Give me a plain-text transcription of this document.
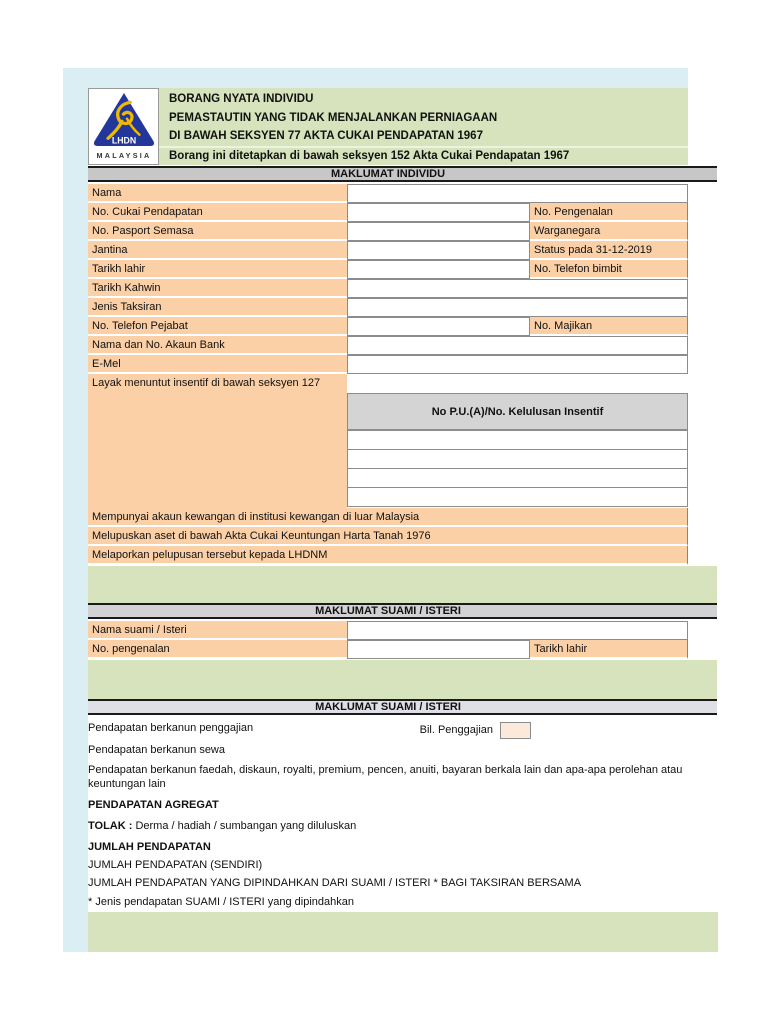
LHDN
MALAYSIA
BORANG NYATA INDIVIDU
PEMASTAUTIN YANG TIDAK MENJALANKAN PERNIAGAAN
DI BAWAH SEKSYEN 77 AKTA CUKAI PENDAPATAN 1967
Borang ini ditetapkan di bawah seksyen 152 Akta Cukai Pendapatan 1967
MAKLUMAT INDIVIDU
Nama
No. Cukai Pendapatan	No. Pengenalan
No. Pasport Semasa	Warganegara
Jantina	Status pada 31-12-2019
Tarikh lahir	No. Telefon bimbit
Tarikh Kahwin
Jenis Taksiran
No. Telefon Pejabat	No. Majikan
Nama dan No. Akaun Bank
E-Mel
Layak menuntut insentif di bawah seksyen 127
No P.U.(A)/No. Kelulusan Insentif
Mempunyai akaun kewangan di institusi kewangan di luar Malaysia
Melupuskan aset di bawah Akta Cukai Keuntungan Harta Tanah 1976
Melaporkan pelupusan tersebut kepada LHDNM
MAKLUMAT SUAMI / ISTERI
Nama suami / Isteri
No. pengenalan	Tarikh lahir
MAKLUMAT SUAMI / ISTERI
Pendapatan berkanun penggajian	Bil. Penggajian
Pendapatan berkanun sewa
Pendapatan berkanun faedah, diskaun, royalti, premium, pencen, anuiti, bayaran berkala lain dan apa-apa perolehan atau keuntungan lain
PENDAPATAN AGREGAT
TOLAK : Derma / hadiah / sumbangan yang diluluskan
JUMLAH PENDAPATAN
JUMLAH PENDAPATAN (SENDIRI)
JUMLAH PENDAPATAN YANG DIPINDAHKAN DARI SUAMI / ISTERI * BAGI TAKSIRAN BERSAMA
* Jenis pendapatan SUAMI / ISTERI yang dipindahkan
